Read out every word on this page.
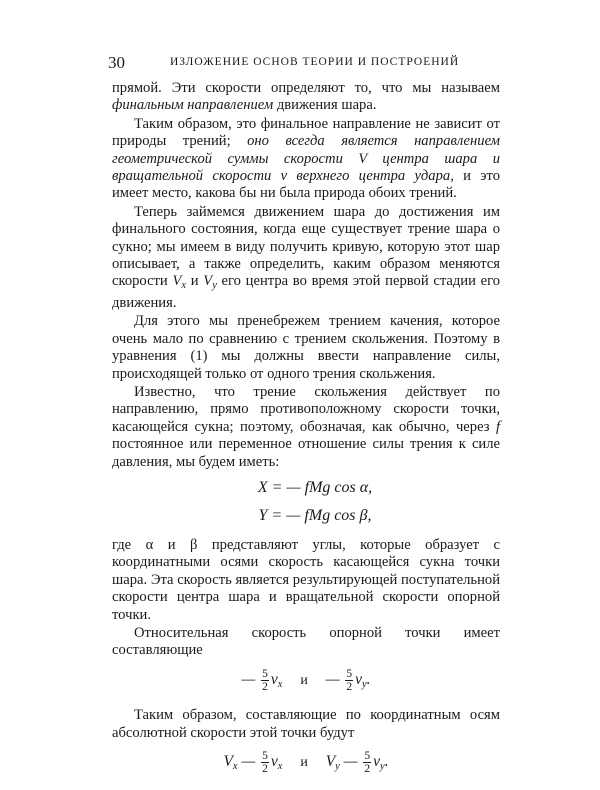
30	ИЗЛОЖЕНИЕ ОСНОВ ТЕОРИИ И ПОСТРОЕНИЙ

прямой. Эти скорости определяют то, что мы называем финальным направлением движения шара.

Таким образом, это финальное направление не зависит от природы трений; оно всегда является направлением геометрической суммы скорости V центра шара и вращательной скорости v верхнего центра удара, и это имеет место, какова бы ни была природа обоих трений.

Теперь займемся движением шара до достижения им финального состояния, когда еще существует трение шара о сукно; мы имеем в виду получить кривую, которую этот шар описывает, а также определить, каким образом меняются скорости $V_x$ и $V_y$ его центра во время этой первой стадии его движения.

Для этого мы пренебрежем трением качения, которое очень мало по сравнению с трением скольжения. Поэтому в уравнения (1) мы должны ввести направление силы, происходящей только от одного трения скольжения.

Известно, что трение скольжения действует по направлению, прямо противоположному скорости точки, касающейся сукна; поэтому, обозначая, как обычно, через f постоянное или переменное отношение силы трения к силе давления, мы будем иметь:

X = — fMg cos α,
Y = — fMg cos β,

где α и β представляют углы, которые образует с координатными осями скорость касающейся сукна точки шара. Эта скорость является результирующей поступательной скорости центра шара и вращательной скорости опорной точки.

Относительная скорость опорной точки имеет составляющие

— $\frac{5}{2} v_x$ и — $\frac{5}{2} v_y$.

Таким образом, составляющие по координатным осям абсолютной скорости этой точки будут

$V_x$ — $\frac{5}{2} v_x$ и $V_y$ — $\frac{5}{2} v_y$.
